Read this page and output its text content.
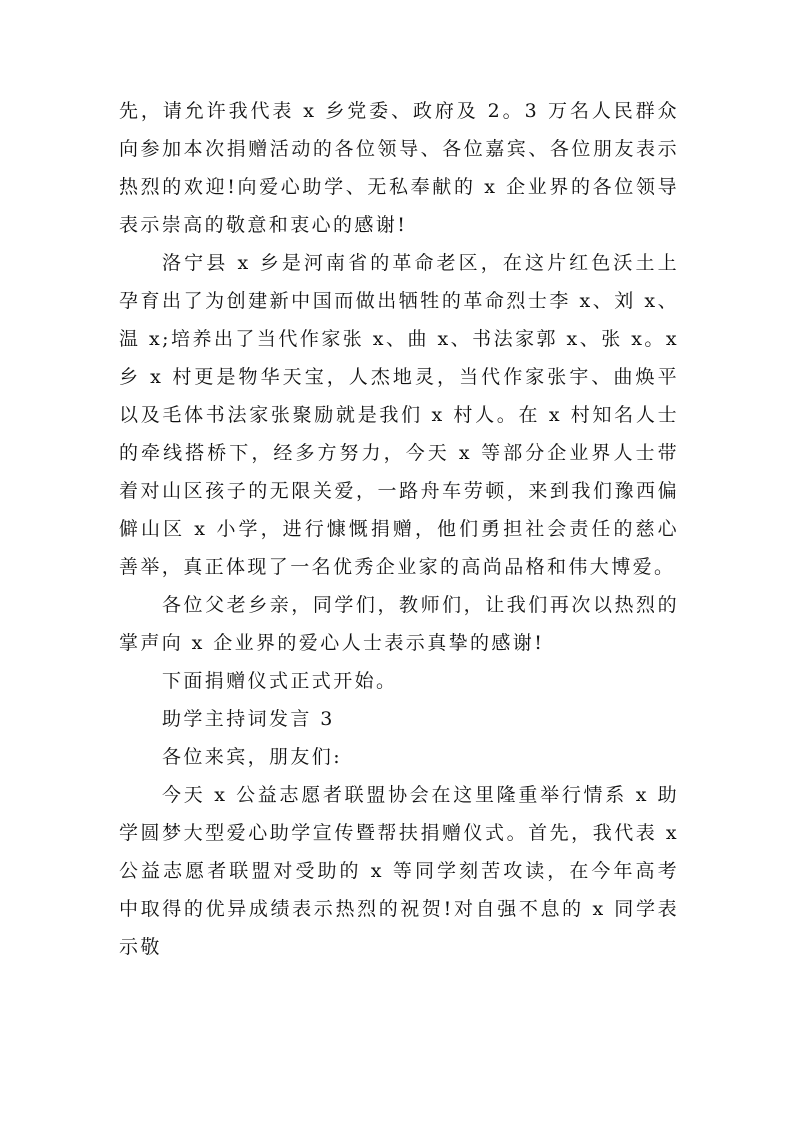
先，请允许我代表 x 乡党委、政府及 2。3 万名人民群众向参加本次捐赠活动的各位领导、各位嘉宾、各位朋友表示热烈的欢迎!向爱心助学、无私奉献的 x 企业界的各位领导表示崇高的敬意和衷心的感谢!

洛宁县 x 乡是河南省的革命老区，在这片红色沃土上孕育出了为创建新中国而做出牺牲的革命烈士李 x、刘 x、温 x;培养出了当代作家张 x、曲 x、书法家郭 x、张 x。x 乡 x 村更是物华天宝，人杰地灵，当代作家张宇、曲焕平以及毛体书法家张聚励就是我们 x 村人。在 x 村知名人士的牵线搭桥下，经多方努力，今天 x 等部分企业界人士带着对山区孩子的无限关爱，一路舟车劳顿，来到我们豫西偏僻山区 x 小学，进行慷慨捐赠，他们勇担社会责任的慈心善举，真正体现了一名优秀企业家的高尚品格和伟大博爱。

各位父老乡亲，同学们，教师们，让我们再次以热烈的掌声向 x 企业界的爱心人士表示真挚的感谢!

下面捐赠仪式正式开始。

助学主持词发言 3

各位来宾，朋友们:

今天 x 公益志愿者联盟协会在这里隆重举行情系 x 助学圆梦大型爱心助学宣传暨帮扶捐赠仪式。首先，我代表 x 公益志愿者联盟对受助的 x 等同学刻苦攻读，在今年高考中取得的优异成绩表示热烈的祝贺!对自强不息的 x 同学表示敬
